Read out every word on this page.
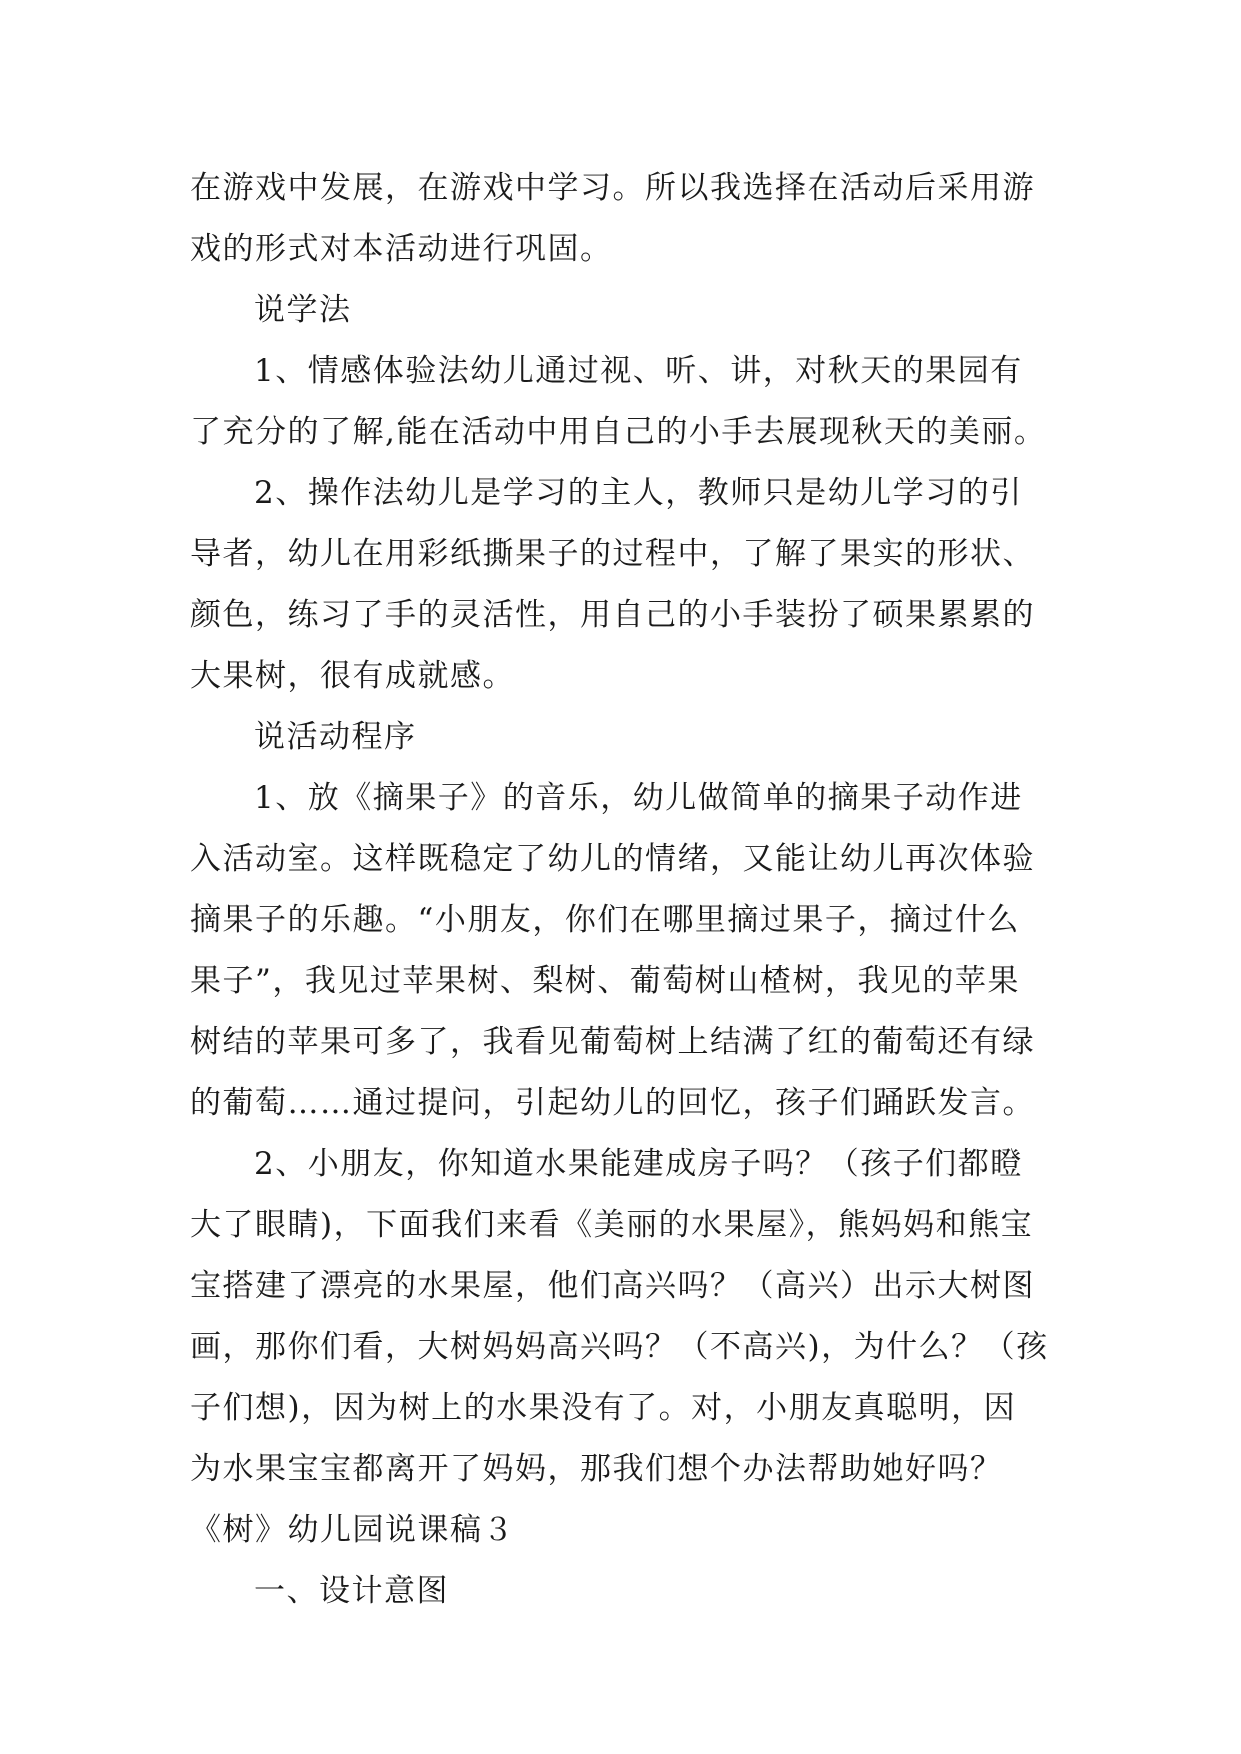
在游戏中发展，在游戏中学习。所以我选择在活动后采用游
戏的形式对本活动进行巩固。
说学法
1、情感体验法幼儿通过视、听、讲，对秋天的果园有
了充分的了解,能在活动中用自己的小手去展现秋天的美丽。
2、操作法幼儿是学习的主人，教师只是幼儿学习的引
导者，幼儿在用彩纸撕果子的过程中，了解了果实的形状、
颜色，练习了手的灵活性，用自己的小手装扮了硕果累累的
大果树，很有成就感。
说活动程序
1、放《摘果子》的音乐，幼儿做简单的摘果子动作进
入活动室。这样既稳定了幼儿的情绪，又能让幼儿再次体验
摘果子的乐趣。“小朋友，你们在哪里摘过果子，摘过什么
果子”，我见过苹果树、梨树、葡萄树山楂树，我见的苹果
树结的苹果可多了，我看见葡萄树上结满了红的葡萄还有绿
的葡萄……通过提问，引起幼儿的回忆，孩子们踊跃发言。
2、小朋友，你知道水果能建成房子吗？（孩子们都瞪
大了眼睛)，下面我们来看《美丽的水果屋》，熊妈妈和熊宝
宝搭建了漂亮的水果屋，他们高兴吗？（高兴）出示大树图
画，那你们看，大树妈妈高兴吗？（不高兴)，为什么？（孩
子们想)，因为树上的水果没有了。对，小朋友真聪明，因
为水果宝宝都离开了妈妈，那我们想个办法帮助她好吗？
《树》幼儿园说课稿３
一、设计意图
